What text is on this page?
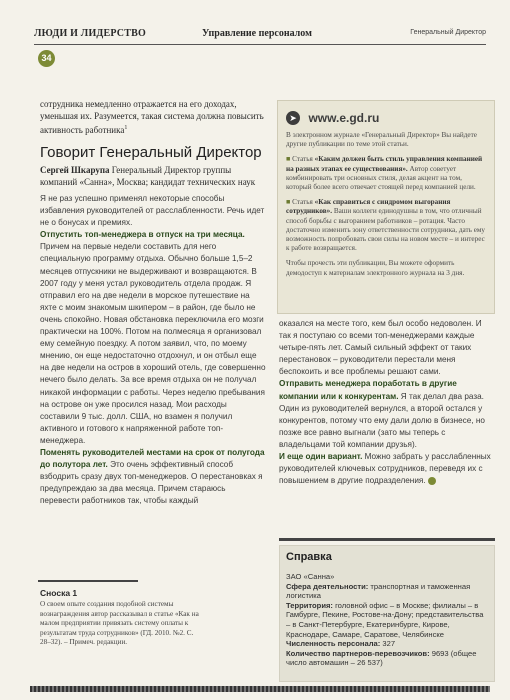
ЛЮДИ И ЛИДЕРСТВО	Управление персоналом	Генеральный Директор
34

сотрудника немедленно отражается на его доходах, уменьшая их. Разумеется, такая система должна повысить активность работника$^1$

Говорит Генеральный Директор

Сергей Шкарупа Генеральный Директор группы компаний «Санна», Москва; кандидат технических наук

Я не раз успешно применял некоторые способы избавления руководителей от расслабленности. Речь идет не о бонусах и премиях.

Отпустить топ-менеджера в отпуск на три месяца. Причем на первые недели составить для него специальную программу отдыха. Обычно больше 1,5–2 месяцев отпускники не выдерживают и возвращаются. В 2007 году у меня устал руководитель отдела продаж. Я отправил его на две недели в морское путешествие на яхте с моим знакомым шкипером – в район, где было не очень спокойно. Новая обстановка переключила его мозги практически на 100%. Потом на полмесяца я организовал ему семейную поездку. А потом заявил, что, по моему мнению, он еще недостаточно отдохнул, и он отбыл еще на две недели на остров в хороший отель, где совершенно нечего было делать. За все время отдыха он не получал никакой информации с работы. Через неделю пребывания на острове он уже просился назад. Мои расходы составили 9 тыс. долл. США, но взамен я получил активного и готового к напряженной работе топ-менеджера.

Поменять руководителей местами на срок от полугода до полутора лет. Это очень эффективный способ взбодрить сразу двух топ-менеджеров. О перестановках я предупреждаю за два месяца. Причем стараюсь перевести работников так, чтобы каждый

Сноска 1

О своем опыте создания подобной системы вознаграждения автор рассказывал в статье «Как на малом предприятии привязать систему оплаты к результатам труда сотрудников» (ГД. 2010. №2. С. 28–32). – Примеч. редакции.

➤ www.e.gd.ru

В электронном журнале «Генеральный Директор» Вы найдете другие публикации по теме этой статьи.

■ Статья «Каким должен быть стиль управления компанией на разных этапах ее существования». Автор советует комбинировать три основных стиля, делая акцент на том, который более всего отвечает стоящей перед компанией цели.

■ Статья «Как справиться с синдромом выгорания сотрудников». Ваши коллеги единодушны в том, что отличный способ борьбы с выгоранием работников – ротация. Часто достаточно изменить зону ответственности сотрудника, дать ему возможность попробовать свои силы на новом месте – и интерес к работе возвращается.

Чтобы прочесть эти публикации, Вы можете оформить демодоступ к материалам электронного журнала на 3 дня.

оказался на месте того, кем был особо недоволен. И так я поступаю со всеми топ-менеджерами каждые четыре-пять лет. Самый сильный эффект от таких перестановок – руководители перестали меня беспокоить и все проблемы решают сами.

Отправить менеджера поработать в другие компании или к конкурентам. Я так делал два раза. Один из руководителей вернулся, а второй остался у конкурентов, потому что ему дали долю в бизнесе, но позже все равно выгнали (зато мы теперь с владельцами той компании друзья).

И еще один вариант. Можно забрать у расслабленных руководителей ключевых сотрудников, переведя их с повышением в другие подразделения.

Справка

ЗАО «Санна»

Сфера деятельности: транспортная и таможенная логистика

Территория: головной офис – в Москве; филиалы – в Гамбурге, Пекине, Ростове-на-Дону; представительства – в Санкт-Петербурге, Екатеринбурге, Кирове, Краснодаре, Самаре, Саратове, Челябинске

Численность персонала: 327

Количество партнеров-перевозчиков: 9693 (общее число автомашин – 26 537)
